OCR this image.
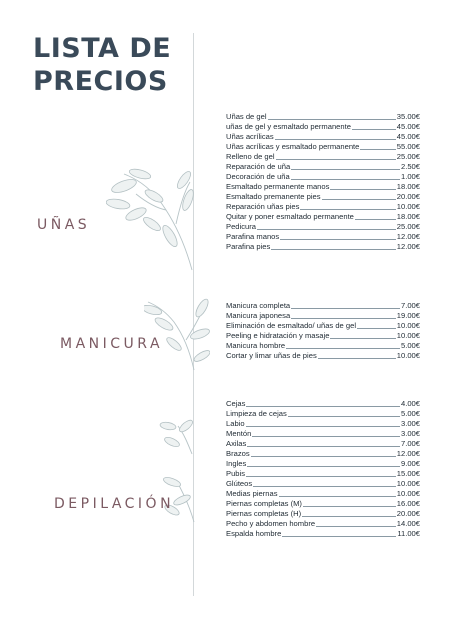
LISTA DE PRECIOS
UÑAS
MANICURA
DEPILACIÓN
Uñas de gel	35.00€
uñas de gel y esmaltado permanente	45.00€
Uñas acrílicas	45.00€
Uñas acrílicas y esmaltado permanente	55.00€
Relleno de gel	25.00€
Reparación de uña	2.50€
Decoración de uña	1.00€
Esmaltado permanente manos	18.00€
Esmaltado premanente pies	20.00€
Reparación uñas pies	10.00€
Quitar y poner esmaltado permanente	18.00€
Pedicura	25.00€
Parafina manos	12.00€
Parafina pies	12.00€
Manicura completa	7.00€
Manicura japonesa	19.00€
Eliminación de esmaltado/ uñas de gel	10.00€
Peeling e hidratación y masaje	10.00€
Manicura hombre	5.00€
Cortar y limar uñas de pies	10.00€
Cejas	4.00€
Limpieza de cejas	5.00€
Labio	3.00€
Mentón	3.00€
Axilas	7.00€
Brazos	12.00€
Ingles	9.00€
Pubis	15.00€
Glúteos	10.00€
Medias piernas	10.00€
Piernas completas (M)	16.00€
Piernas completas (H)	20.00€
Pecho y abdomen hombre	14.00€
Espalda hombre	11.00€
